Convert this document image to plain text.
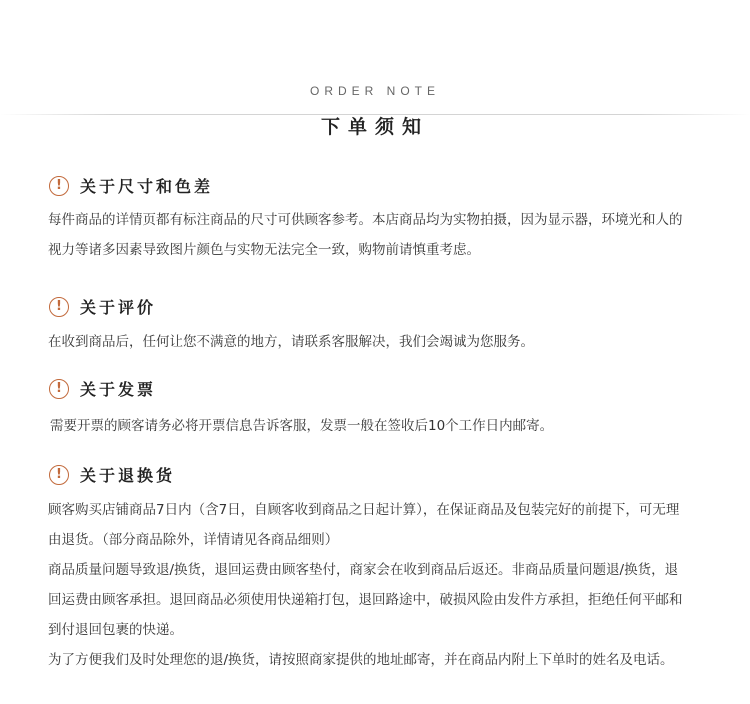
ORDER NOTE
下单须知
!	关于尺寸和色差

每件商品的详情页都有标注商品的尺寸可供顾客参考。本店商品均为实物拍摄，因为显示器，环境光和人的
视力等诸多因素导致图片颜色与实物无法完全一致，购物前请慎重考虑。

!	关于评价

在收到商品后，任何让您不满意的地方，请联系客服解决，我们会竭诚为您服务。

!	关于发票

需要开票的顾客请务必将开票信息告诉客服，发票一般在签收后10个工作日内邮寄。

!	关于退换货

顾客购买店铺商品7日内（含7日，自顾客收到商品之日起计算），在保证商品及包装完好的前提下，可无理
由退货。（部分商品除外，详情请见各商品细则）

商品质量问题导致退/换货，退回运费由顾客垫付，商家会在收到商品后返还。非商品质量问题退/换货，退
回运费由顾客承担。退回商品必须使用快递箱打包，退回路途中，破损风险由发件方承担，拒绝任何平邮和
到付退回包裹的快递。

为了方便我们及时处理您的退/换货，请按照商家提供的地址邮寄，并在商品内附上下单时的姓名及电话。
